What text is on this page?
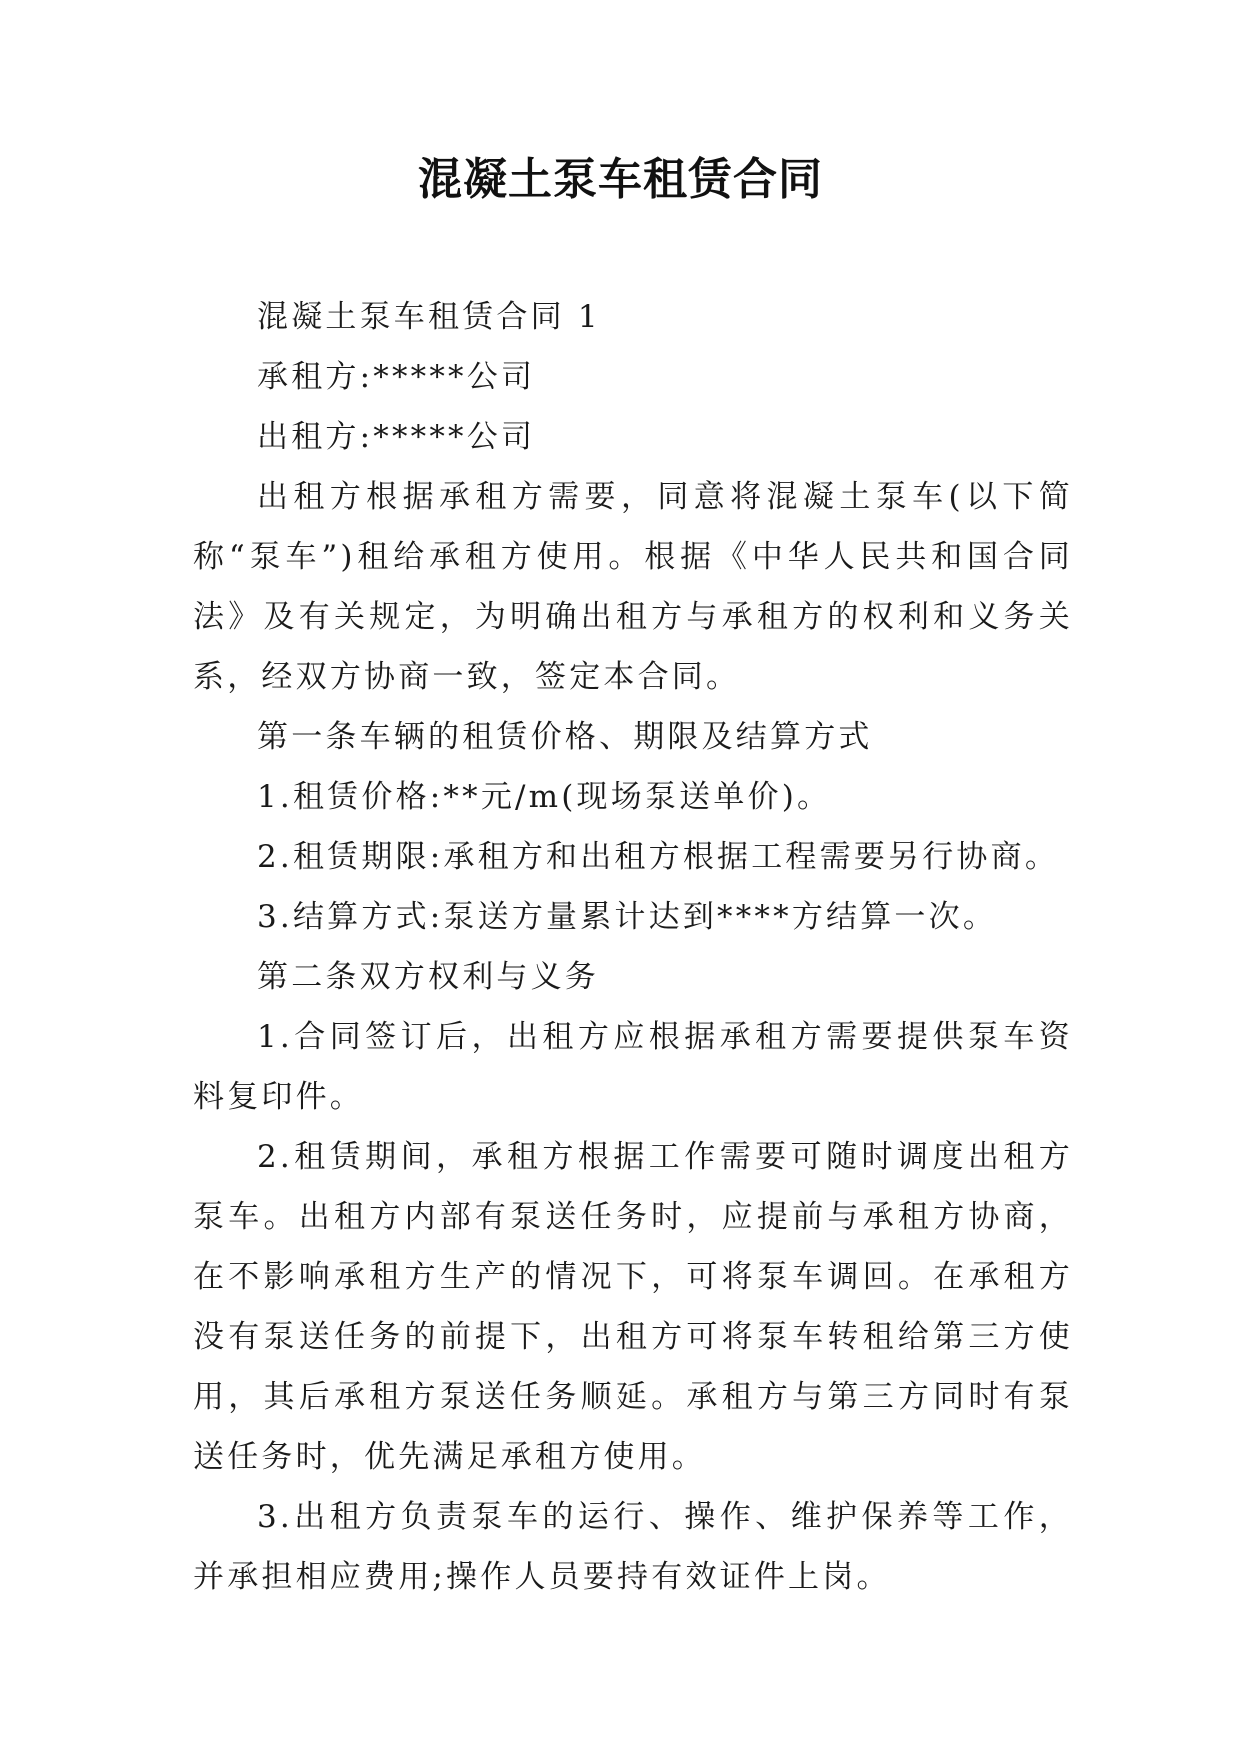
混凝土泵车租赁合同

混凝土泵车租赁合同 1

承租方:*****公司

出租方:*****公司

出租方根据承租方需要，同意将混凝土泵车(以下简称“泵车”)租给承租方使用。根据《中华人民共和国合同法》及有关规定，为明确出租方与承租方的权利和义务关系，经双方协商一致，签定本合同。

第一条车辆的租赁价格、期限及结算方式

1.租赁价格:**元/m(现场泵送单价)。

2.租赁期限:承租方和出租方根据工程需要另行协商。

3.结算方式:泵送方量累计达到****方结算一次。

第二条双方权利与义务

1.合同签订后，出租方应根据承租方需要提供泵车资料复印件。

2.租赁期间，承租方根据工作需要可随时调度出租方泵车。出租方内部有泵送任务时，应提前与承租方协商，在不影响承租方生产的情况下，可将泵车调回。在承租方没有泵送任务的前提下，出租方可将泵车转租给第三方使用，其后承租方泵送任务顺延。承租方与第三方同时有泵送任务时，优先满足承租方使用。

3.出租方负责泵车的运行、操作、维护保养等工作，并承担相应费用;操作人员要持有效证件上岗。
